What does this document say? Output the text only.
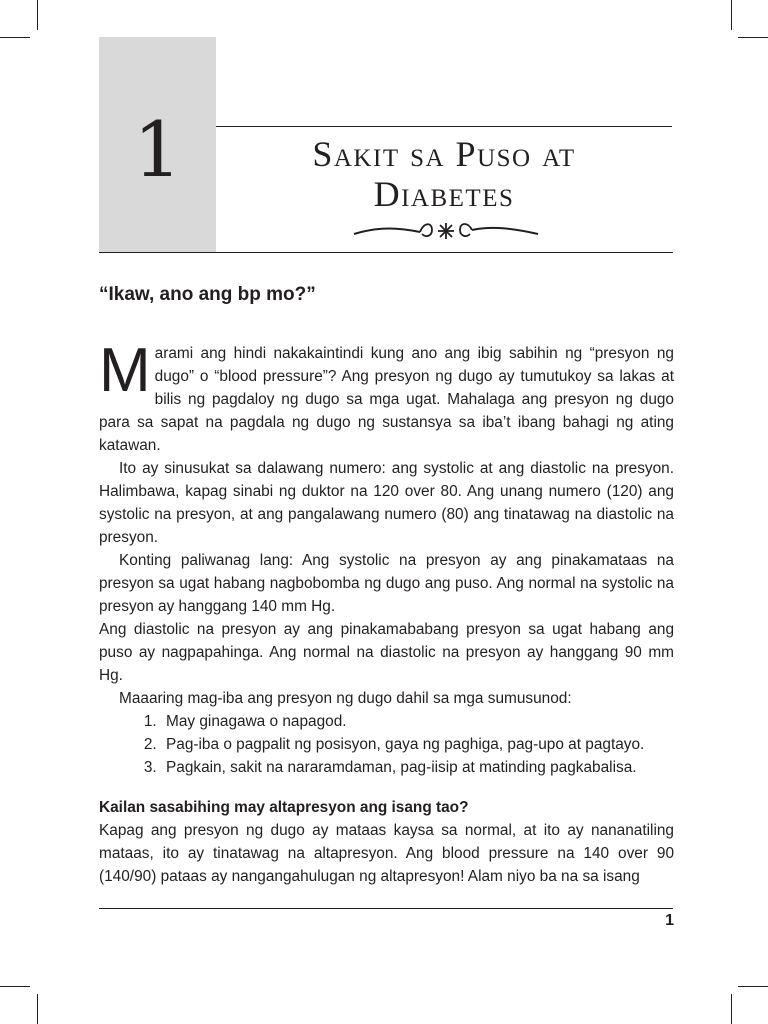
1	Sakit sa Puso at
Diabetes
“Ikaw, ano ang bp mo?”

Marami ang hindi nakakaintindi kung ano ang ibig sabihin ng “presyon ng dugo” o “blood pressure”? Ang presyon ng dugo ay tumutukoy sa lakas at bilis ng pagdaloy ng dugo sa mga ugat. Mahalaga ang presyon ng dugo para sa sapat na pagdala ng dugo ng sustansya sa iba’t ibang bahagi ng ating katawan.

Ito ay sinusukat sa dalawang numero: ang systolic at ang diastolic na presyon. Halimbawa, kapag sinabi ng duktor na 120 over 80. Ang unang numero (120) ang systolic na presyon, at ang pangalawang numero (80) ang tinatawag na diastolic na presyon.

Konting paliwanag lang: Ang systolic na presyon ay ang pinakamataas na presyon sa ugat habang nagbobomba ng dugo ang puso. Ang normal na systolic na presyon ay hanggang 140 mm Hg.

Ang diastolic na presyon ay ang pinakamababang presyon sa ugat habang ang puso ay nagpapahinga. Ang normal na diastolic na presyon ay hanggang 90 mm Hg.

Maaaring mag-iba ang presyon ng dugo dahil sa mga sumusunod:

1. May ginagawa o napagod.
2. Pag-iba o pagpalit ng posisyon, gaya ng paghiga, pag-upo at pagtayo.
3. Pagkain, sakit na nararamdaman, pag-iisip at matinding pagkabalisa.
Kailan sasabihing may altapresyon ang isang tao?

Kapag ang presyon ng dugo ay mataas kaysa sa normal, at ito ay nananatiling mataas, ito ay tinatawag na altapresyon. Ang blood pressure na 140 over 90 (140/90) pataas ay nangangahulugan ng altapresyon! Alam niyo ba na sa isang

1
